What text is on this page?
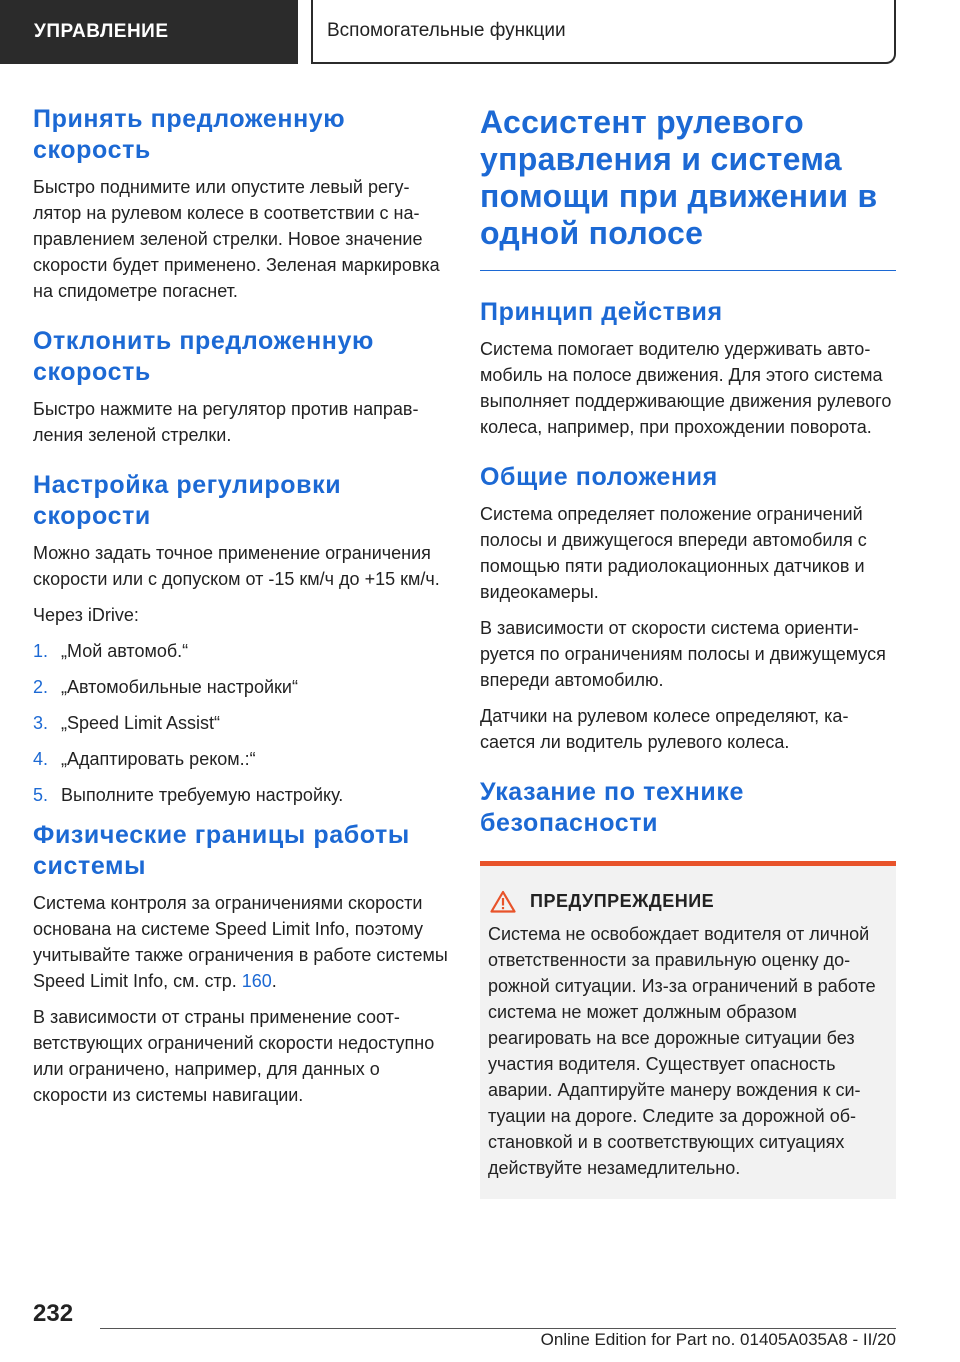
УПРАВЛЕНИЕ	Вспомогательные функции
Принять предложенную скорость

Быстро поднимите или опустите левый регулятор на рулевом колесе в соответствии с направлением зеленой стрелки. Новое значение скорости будет применено. Зеленая маркировка на спидометре погаснет.

Отклонить предложенную скорость

Быстро нажмите на регулятор против направления зеленой стрелки.

Настройка регулировки скорости

Можно задать точное применение ограничения скорости или с допуском от -15 км/ч до +15 км/ч.

Через iDrive:

1. „Мой автомоб.“
2. „Автомобильные настройки“
3. „Speed Limit Assist“
4. „Адаптировать реком.:“
5. Выполните требуемую настройку.
Физические границы работы системы

Система контроля за ограничениями скорости основана на системе Speed Limit Info, поэтому учитывайте также ограничения в работе системы Speed Limit Info, см. стр. 160.

В зависимости от страны применение соответствующих ограничений скорости недоступно или ограничено, например, для данных о скорости из системы навигации.

Ассистент рулевого управления и система помощи при движении в одной полосе
Принцип действия

Система помогает водителю удерживать автомобиль на полосе движения. Для этого система выполняет поддерживающие движения рулевого колеса, например, при прохождении поворота.

Общие положения

Система определяет положение ограничений полосы и движущегося впереди автомобиля с помощью пяти радиолокационных датчиков и видеокамеры.

В зависимости от скорости система ориентируется по ограничениям полосы и движущемуся впереди автомобилю.

Датчики на рулевом колесе определяют, касается ли водитель рулевого колеса.

Указание по технике безопасности
ПРЕДУПРЕЖДЕНИЕ

Система не освобождает водителя от личной ответственности за правильную оценку дорожной ситуации. Из-за ограничений в работе система не может должным образом реагировать на все дорожные ситуации без участия водителя. Существует опасность аварии. Адаптируйте манеру вождения к ситуации на дороге. Следите за дорожной обстановкой и в соответствующих ситуациях действуйте незамедлительно.

232
Online Edition for Part no. 01405A035A8 - II/20
